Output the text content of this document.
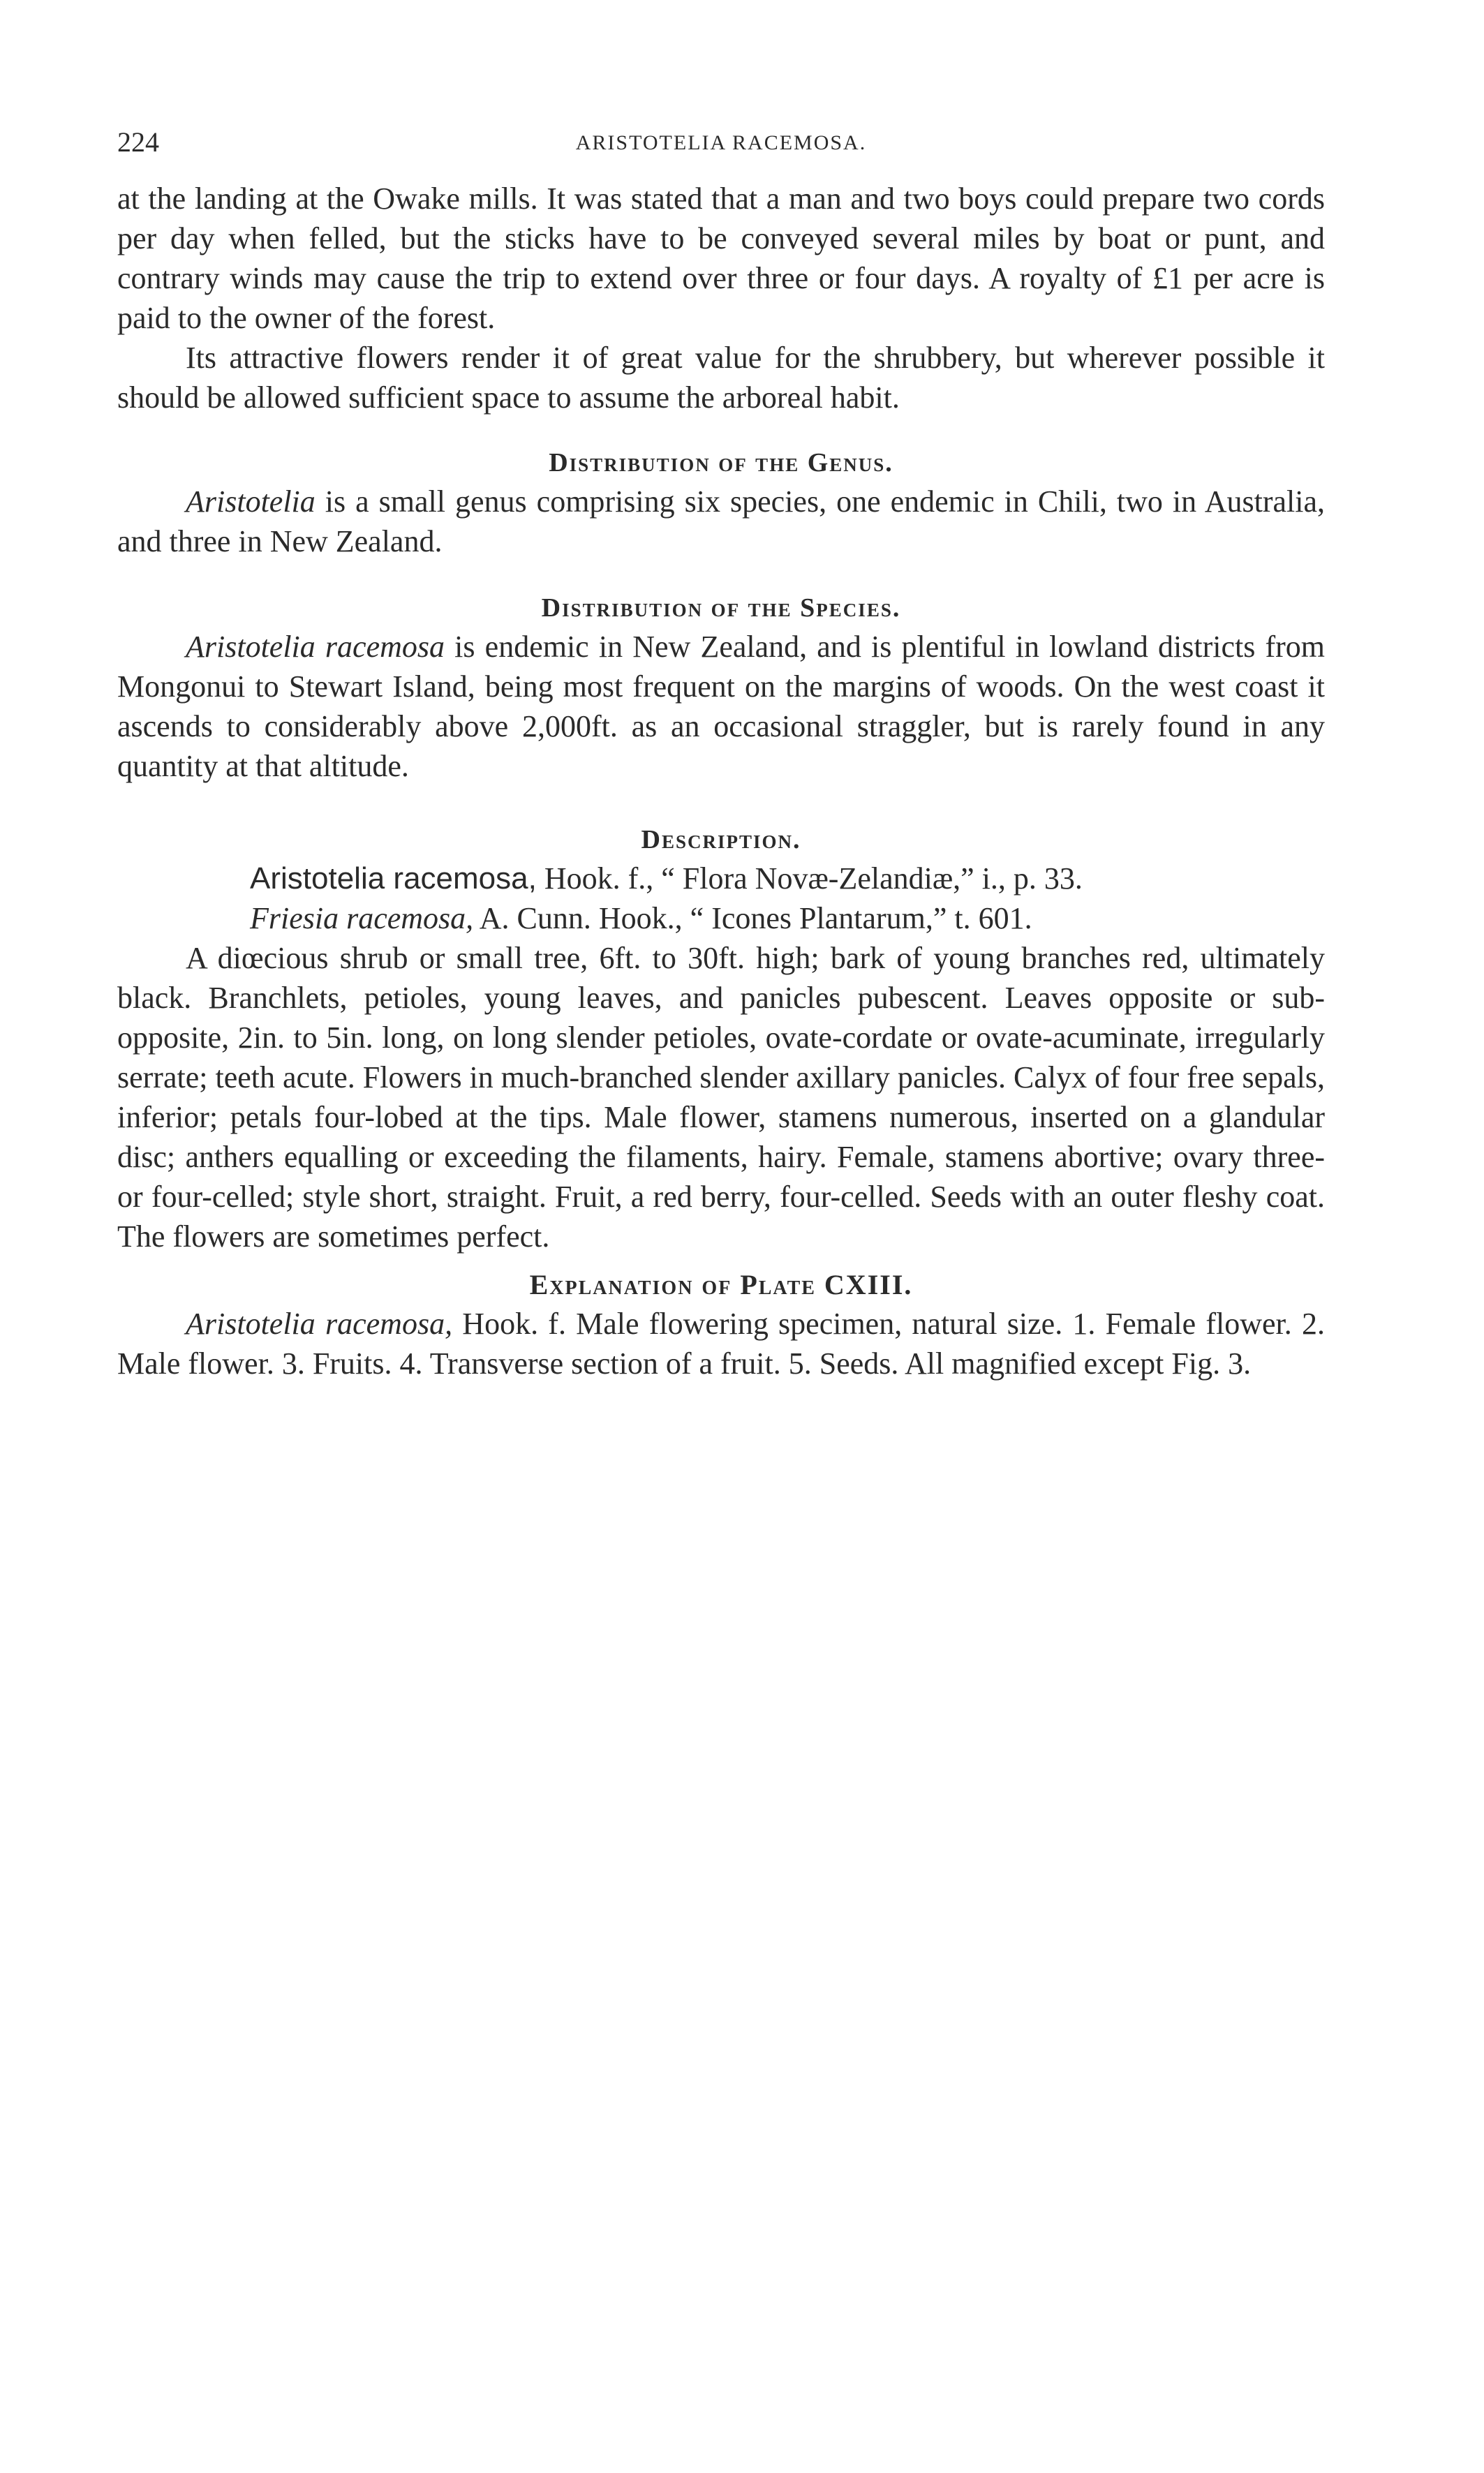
224	ARISTOTELIA RACEMOSA.

at the landing at the Owake mills. It was stated that a man and two boys could prepare two cords per day when felled, but the sticks have to be conveyed several miles by boat or punt, and contrary winds may cause the trip to extend over three or four days. A royalty of £1 per acre is paid to the owner of the forest.

Its attractive flowers render it of great value for the shrubbery, but wherever possible it should be allowed sufficient space to assume the arboreal habit.

Distribution of the Genus.

Aristotelia is a small genus comprising six species, one endemic in Chili, two in Australia, and three in New Zealand.

Distribution of the Species.

Aristotelia racemosa is endemic in New Zealand, and is plentiful in lowland districts from Mongonui to Stewart Island, being most frequent on the margins of woods. On the west coast it ascends to considerably above 2,000ft. as an occasional straggler, but is rarely found in any quantity at that altitude.

Description.
Aristotelia racemosa, Hook. f., “ Flora Novæ-Zelandiæ,” i., p. 33.
Friesia racemosa, A. Cunn. Hook., “ Icones Plantarum,” t. 601.

A diœcious shrub or small tree, 6ft. to 30ft. high; bark of young branches red, ultimately black. Branchlets, petioles, young leaves, and panicles pubescent. Leaves opposite or sub-opposite, 2in. to 5in. long, on long slender petioles, ovate-cordate or ovate-acuminate, irregularly serrate; teeth acute. Flowers in much-branched slender axillary panicles. Calyx of four free sepals, inferior; petals four-lobed at the tips. Male flower, stamens numerous, inserted on a glandular disc; anthers equalling or exceeding the filaments, hairy. Female, stamens abortive; ovary three- or four-celled; style short, straight. Fruit, a red berry, four-celled. Seeds with an outer fleshy coat. The flowers are sometimes perfect.

Explanation of Plate CXIII.

Aristotelia racemosa, Hook. f. Male flowering specimen, natural size. 1. Female flower. 2. Male flower. 3. Fruits. 4. Transverse section of a fruit. 5. Seeds. All magnified except Fig. 3.
